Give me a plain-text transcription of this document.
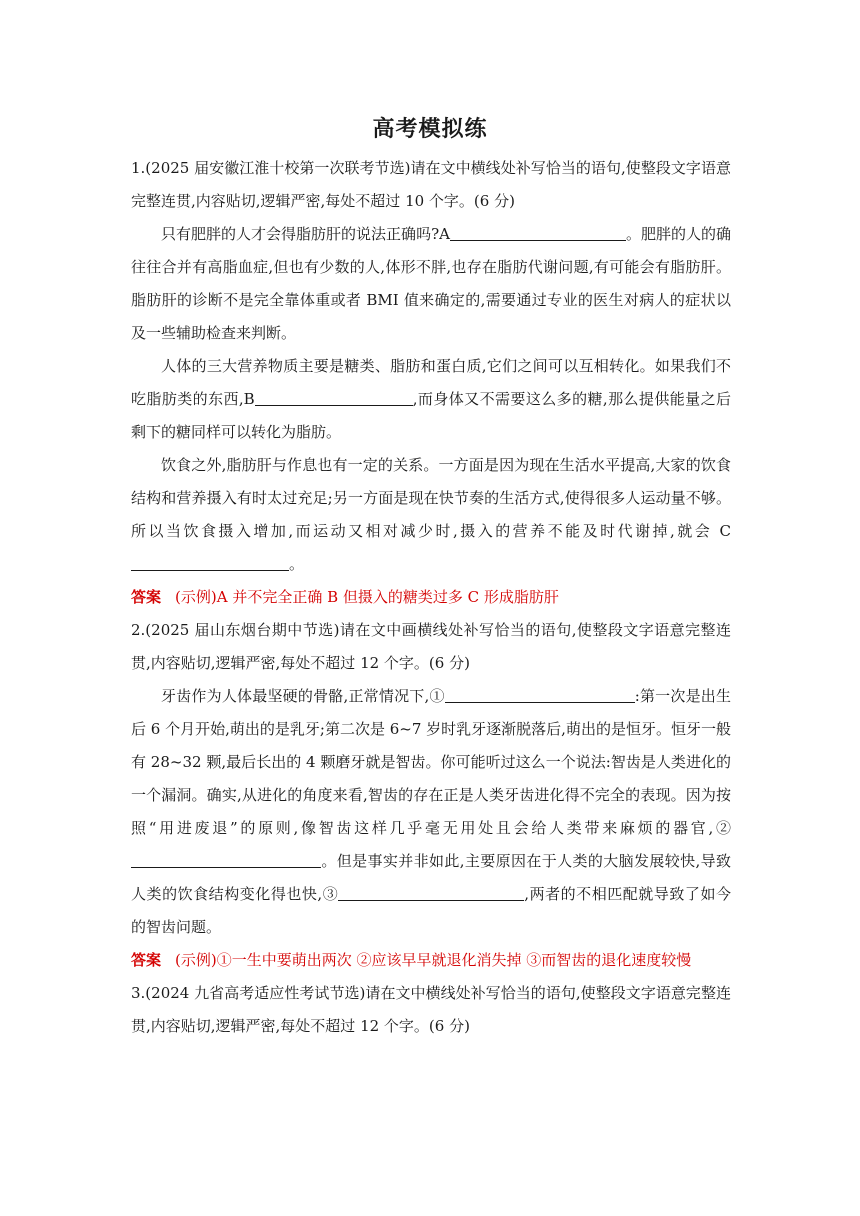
高考模拟练

1.(2025 届安徽江淮十校第一次联考节选)请在文中横线处补写恰当的语句,使整段文字语意完整连贯,内容贴切,逻辑严密,每处不超过 10 个字。(6 分)

只有肥胖的人才会得脂肪肝的说法正确吗?A	。肥胖的人的确往往合并有高脂血症,但也有少数的人,体形不胖,也存在脂肪代谢问题,有可能会有脂肪肝。脂肪肝的诊断不是完全靠体重或者 BMI 值来确定的,需要通过专业的医生对病人的症状以及一些辅助检查来判断。

人体的三大营养物质主要是糖类、脂肪和蛋白质,它们之间可以互相转化。如果我们不吃脂肪类的东西,B	,而身体又不需要这么多的糖,那么提供能量之后剩下的糖同样可以转化为脂肪。

饮食之外,脂肪肝与作息也有一定的关系。一方面是因为现在生活水平提高,大家的饮食结构和营养摄入有时太过充足;另一方面是现在快节奏的生活方式,使得很多人运动量不够。所以当饮食摄入增加,而运动又相对减少时,摄入的营养不能及时代谢掉,就会 C。

答案 (示例)A 并不完全正确 B 但摄入的糖类过多 C 形成脂肪肝

2.(2025 届山东烟台期中节选)请在文中画横线处补写恰当的语句,使整段文字语意完整连贯,内容贴切,逻辑严密,每处不超过 12 个字。(6 分)

牙齿作为人体最坚硬的骨骼,正常情况下,①	:第一次是出生后 6 个月开始,萌出的是乳牙;第二次是 6~7 岁时乳牙逐渐脱落后,萌出的是恒牙。恒牙一般有 28~32 颗,最后长出的 4 颗磨牙就是智齿。你可能听过这么一个说法:智齿是人类进化的一个漏洞。确实,从进化的角度来看,智齿的存在正是人类牙齿进化得不完全的表现。因为按照“用进废退”的原则,像智齿这样几乎毫无用处且会给人类带来麻烦的器官,②。但是事实并非如此,主要原因在于人类的大脑发展较快,导致人类的饮食结构变化得也快,③	,两者的不相匹配就导致了如今的智齿问题。

答案 (示例)①一生中要萌出两次 ②应该早早就退化消失掉 ③而智齿的退化速度较慢

3.(2024 九省高考适应性考试节选)请在文中横线处补写恰当的语句,使整段文字语意完整连贯,内容贴切,逻辑严密,每处不超过 12 个字。(6 分)
